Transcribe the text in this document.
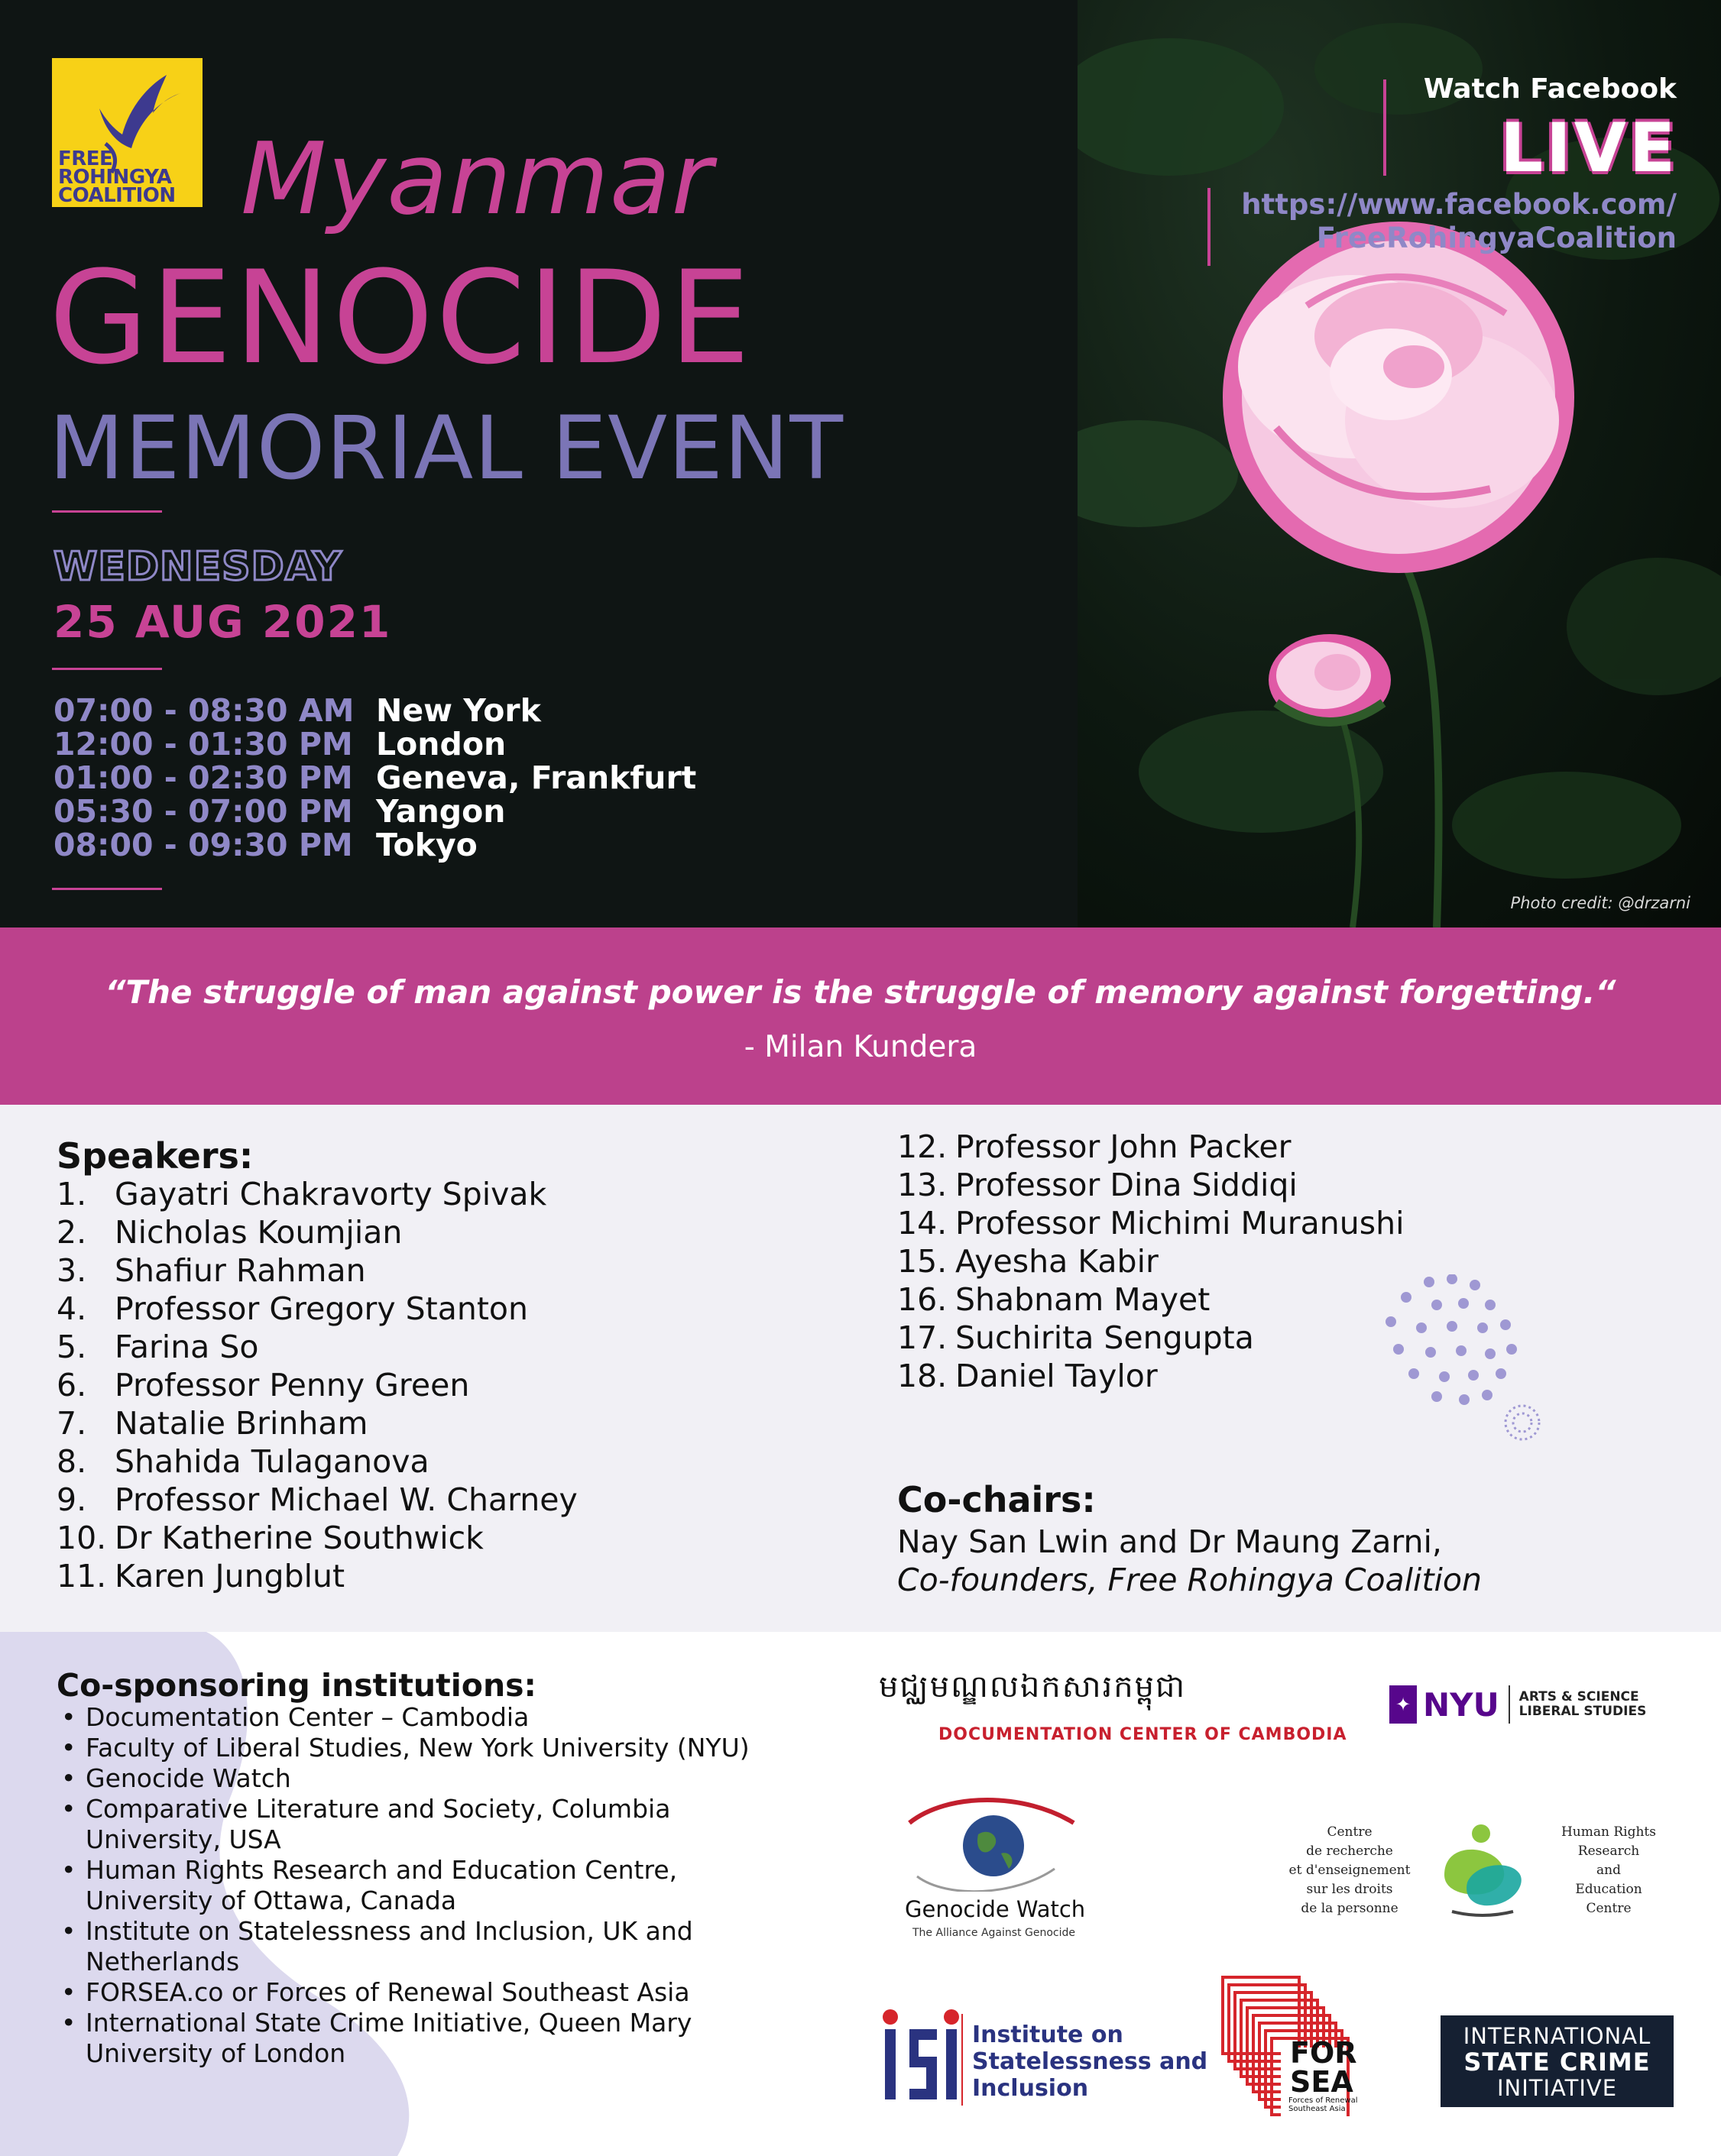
FREE
ROHINGYA
COALITION Myanmar
GENOCIDE
MEMORIAL EVENT
WEDNESDAY
25 AUG 2021
07:00 - 08:30 AM New York
12:00 - 01:30 PM London
01:00 - 02:30 PM Geneva, Frankfurt
05:30 - 07:00 PM Yangon
08:00 - 09:30 PM Tokyo
Watch Facebook
LIVE
https://www.facebook.com/
FreeRohingyaCoalition
Photo credit: @drzarni
“The struggle of man against power is the struggle of memory against forgetting.“
- Milan Kundera
Speakers:
1. Gayatri Chakravorty Spivak
2. Nicholas Koumjian
3. Shafiur Rahman
4. Professor Gregory Stanton
5. Farina So
6. Professor Penny Green
7. Natalie Brinham
8. Shahida Tulaganova
9. Professor Michael W. Charney
10. Dr Katherine Southwick
11. Karen Jungblut
12. Professor John Packer
13. Professor Dina Siddiqi
14. Professor Michimi Muranushi
15. Ayesha Kabir
16. Shabnam Mayet
17. Suchirita Sengupta
18. Daniel Taylor
Co-chairs:
Nay San Lwin and Dr Maung Zarni,
Co-founders, Free Rohingya Coalition
Co-sponsoring institutions:
• Documentation Center – Cambodia
• Faculty of Liberal Studies, New York University (NYU)
• Genocide Watch
• Comparative Literature and Society, Columbia
University, USA
• Human Rights Research and Education Centre,
University of Ottawa, Canada
• Institute on Statelessness and Inclusion, UK and
Netherlands
• FORSEA.co or Forces of Renewal Southeast Asia
• International State Crime Initiative, Queen Mary
University of London
មជ្ឈមណ្ឌលឯកសារកម្ពុជា
DOCUMENTATION CENTER OF CAMBODIA
✦ NYU ARTS & SCIENCE
LIBERAL STUDIES
Genocide Watch
The Alliance Against Genocide
Centre
de recherche
et d'enseignement
sur les droits
de la personne
Human Rights
Research
and
Education
Centre
Institute on
Statelessness and
Inclusion
FOR
SEA
Forces of Renewal Southeast Asia
INTERNATIONAL
STATE CRIME
INITIATIVE
